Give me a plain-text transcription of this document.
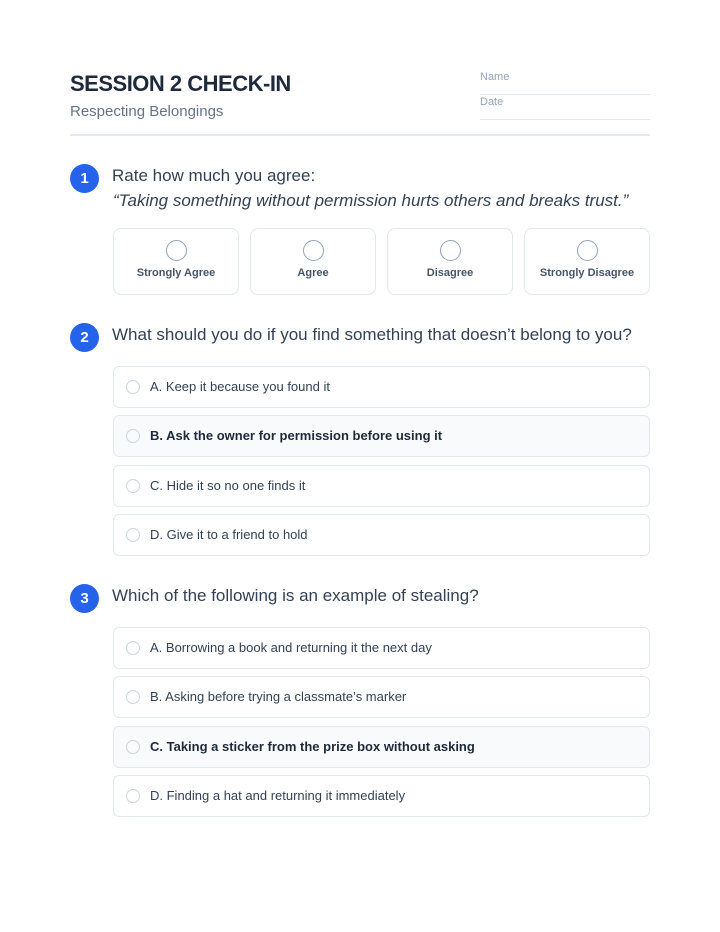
SESSION 2 CHECK-IN
Respecting Belongings
Name
Date
1	Rate how much you agree:
“Taking something without permission hurts others and breaks trust.”
Strongly Agree	Agree	Disagree	Strongly Disagree
2	What should you do if you find something that doesn’t belong to you?
A. Keep it because you found it
B. Ask the owner for permission before using it
C. Hide it so no one finds it
D. Give it to a friend to hold
3	Which of the following is an example of stealing?
A. Borrowing a book and returning it the next day
B. Asking before trying a classmate’s marker
C. Taking a sticker from the prize box without asking
D. Finding a hat and returning it immediately
